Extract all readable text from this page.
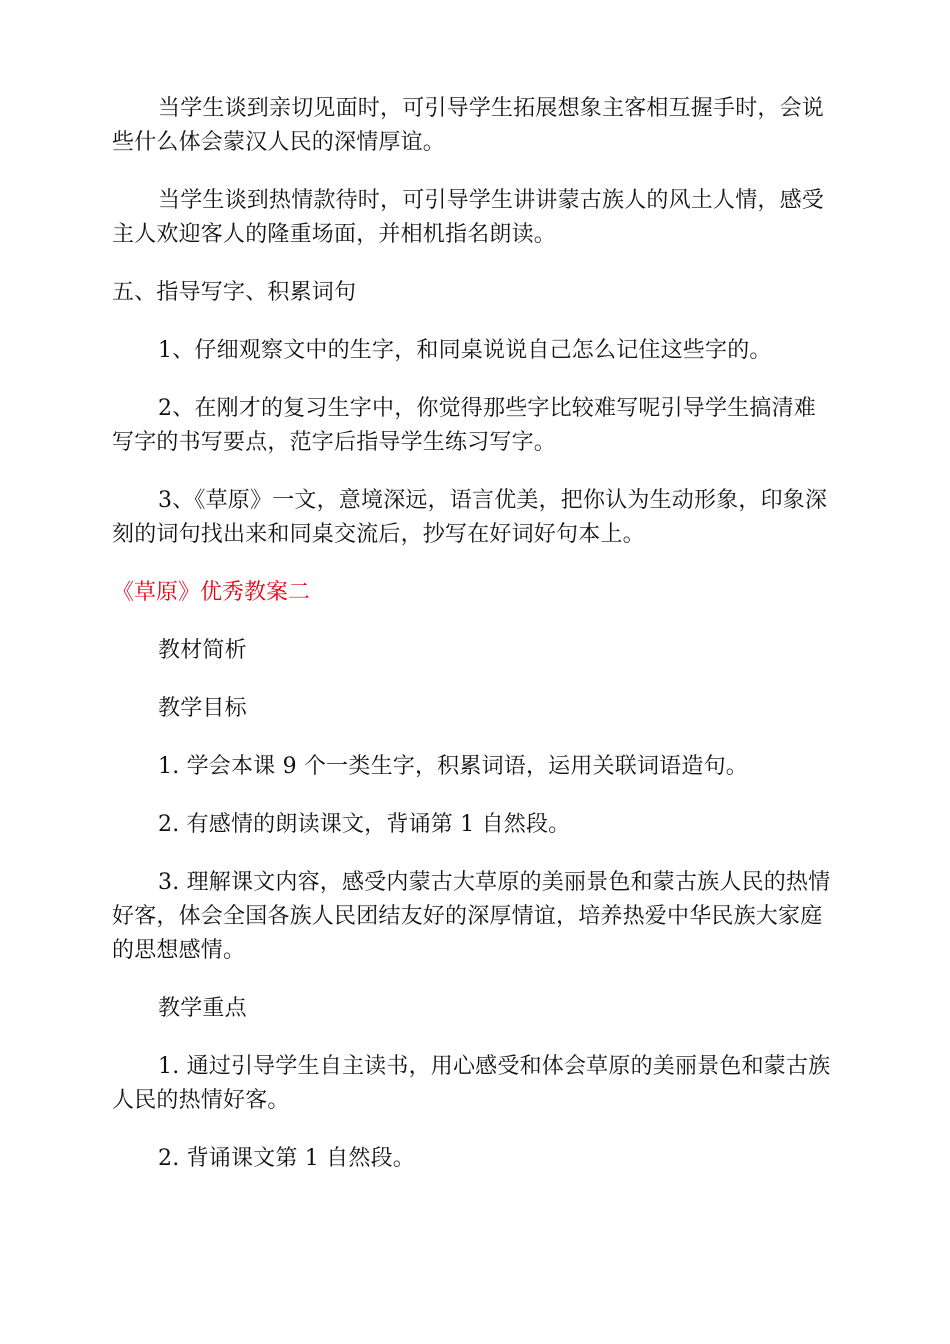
当学生谈到亲切见面时，可引导学生拓展想象主客相互握手时，会说些什么体会蒙汉人民的深情厚谊。

当学生谈到热情款待时，可引导学生讲讲蒙古族人的风土人情，感受主人欢迎客人的隆重场面，并相机指名朗读。

五、指导写字、积累词句

1、仔细观察文中的生字，和同桌说说自己怎么记住这些字的。

2、在刚才的复习生字中，你觉得那些字比较难写呢引导学生搞清难写字的书写要点，范字后指导学生练习写字。

3、《草原》一文，意境深远，语言优美，把你认为生动形象，印象深刻的词句找出来和同桌交流后，抄写在好词好句本上。

《草原》优秀教案二

教材简析

教学目标

1. 学会本课 9 个一类生字，积累词语，运用关联词语造句。

2. 有感情的朗读课文，背诵第 1 自然段。

3. 理解课文内容，感受内蒙古大草原的美丽景色和蒙古族人民的热情好客，体会全国各族人民团结友好的深厚情谊，培养热爱中华民族大家庭的思想感情。

教学重点

1. 通过引导学生自主读书，用心感受和体会草原的美丽景色和蒙古族人民的热情好客。

2. 背诵课文第 1 自然段。
